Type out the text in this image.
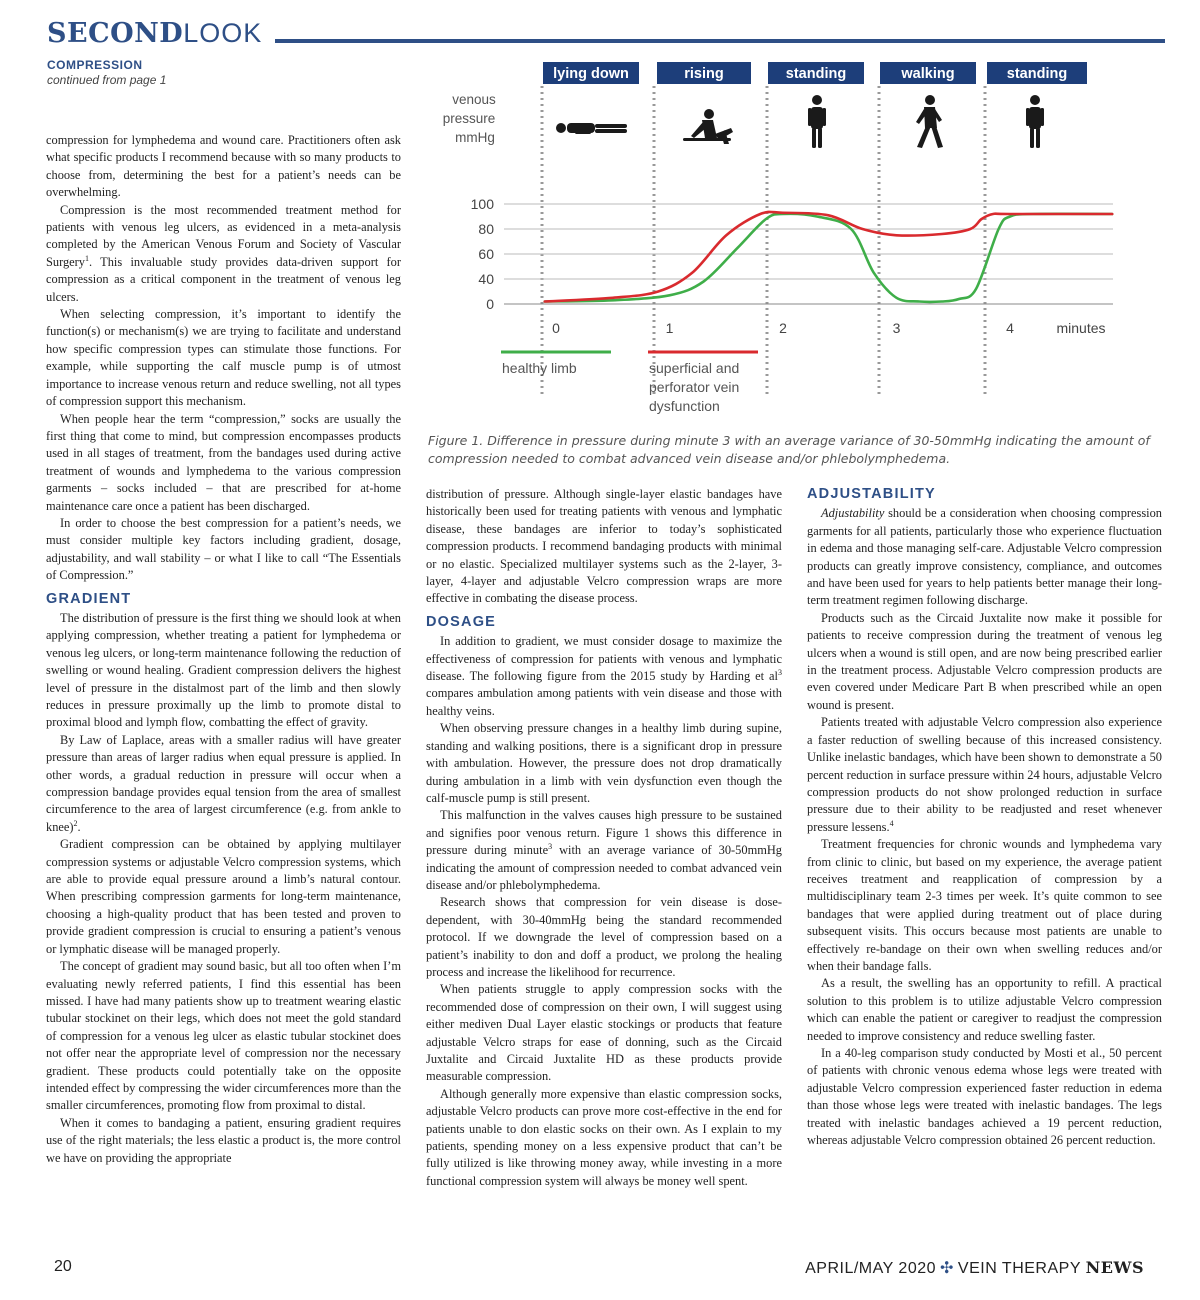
SECONDLOOK
COMPRESSION
continued from page 1

compression for lymphedema and wound care. Practitioners often ask what specific products I recommend because with so many products to choose from, determining the best for a patient’s needs can be overwhelming.

Compression is the most recommended treatment method for patients with venous leg ulcers, as evidenced in a meta-analysis completed by the American Venous Forum and Society of Vascular Surgery$^1$. This invaluable study provides data-driven support for compression as a critical component in the treatment of venous leg ulcers.

When selecting compression, it’s important to identify the function(s) or mechanism(s) we are trying to facilitate and understand how specific compression types can stimulate those functions. For example, while supporting the calf muscle pump is of utmost importance to increase venous return and reduce swelling, not all types of compression support this mechanism.

When people hear the term “compression,” socks are usually the first thing that come to mind, but compression encompasses products used in all stages of treatment, from the bandages used during active treatment of wounds and lymphedema to the various compression garments – socks included – that are prescribed for at-home maintenance care once a patient has been discharged.

In order to choose the best compression for a patient’s needs, we must consider multiple key factors including gradient, dosage, adjustability, and wall stability – or what I like to call “The Essentials of Compression.”

GRADIENT

The distribution of pressure is the first thing we should look at when applying compression, whether treating a patient for lymphedema or venous leg ulcers, or long-term maintenance following the reduction of swelling or wound healing. Gradient compression delivers the highest level of pressure in the distalmost part of the limb and then slowly reduces in pressure proximally up the limb to promote distal to proximal blood and lymph flow, combatting the effect of gravity.

By Law of Laplace, areas with a smaller radius will have greater pressure than areas of larger radius when equal pressure is applied. In other words, a gradual reduction in pressure will occur when a compression bandage provides equal tension from the area of smallest circumference to the area of largest circumference (e.g. from ankle to knee)$^2$.

Gradient compression can be obtained by applying multilayer compression systems or adjustable Velcro compression systems, which are able to provide equal pressure around a limb’s natural contour. When prescribing compression garments for long-term maintenance, choosing a high-quality product that has been tested and proven to provide gradient compression is crucial to ensuring a patient’s venous or lymphatic disease will be managed properly.

The concept of gradient may sound basic, but all too often when I’m evaluating newly referred patients, I find this essential has been missed. I have had many patients show up to treatment wearing elastic tubular stockinet on their legs, which does not meet the gold standard of compression for a venous leg ulcer as elastic tubular stockinet does not offer near the appropriate level of compression nor the necessary gradient. These products could potentially take on the opposite intended effect by compressing the wider circumferences more than the smaller circumferences, promoting flow from proximal to distal.

When it comes to bandaging a patient, ensuring gradient requires use of the right materials; the less elastic a product is, the more control we have on providing the appropriate

lying down	rising	standing	walking	standing
venous
pressure
mmHg
100
80
60
40
0
0	1	2	3	4	minutes
healthy limb	superficial and
perforator vein
dysfunction
Figure 1. Difference in pressure during minute 3 with an average variance of 30-50mmHg indicating the amount of compression needed to combat advanced vein disease and/or phlebolymphedema.

distribution of pressure. Although single-layer elastic bandages have historically been used for treating patients with venous and lymphatic disease, these bandages are inferior to today’s sophisticated compression products. I recommend bandaging products with minimal or no elastic. Specialized multilayer systems such as the 2-layer, 3-layer, 4-layer and adjustable Velcro compression wraps are more effective in combating the disease process.

DOSAGE

In addition to gradient, we must consider dosage to maximize the effectiveness of compression for patients with venous and lymphatic disease. The following figure from the 2015 study by Harding et $al^3$ compares ambulation among patients with vein disease and those with healthy veins.

When observing pressure changes in a healthy limb during supine, standing and walking positions, there is a significant drop in pressure with ambulation. However, the pressure does not drop dramatically during ambulation in a limb with vein dysfunction even though the calf-muscle pump is still present.

This malfunction in the valves causes high pressure to be sustained and signifies poor venous return. Figure 1 shows this difference in pressure during minute$^3$ with an average variance of 30-50mmHg indicating the amount of compression needed to combat advanced vein disease and/or phlebolymphedema.

Research shows that compression for vein disease is dose-dependent, with 30-40mmHg being the standard recommended protocol. If we downgrade the level of compression based on a patient’s inability to don and doff a product, we prolong the healing process and increase the likelihood for recurrence.

When patients struggle to apply compression socks with the recommended dose of compression on their own, I will suggest using either mediven Dual Layer elastic stockings or products that feature adjustable Velcro straps for ease of donning, such as the Circaid Juxtalite and Circaid Juxtalite HD as these products provide measurable compression.

Although generally more expensive than elastic compression socks, adjustable Velcro products can prove more cost-effective in the end for patients unable to don elastic socks on their own. As I explain to my patients, spending money on a less expensive product that can’t be fully utilized is like throwing money away, while investing in a more functional compression system will always be money well spent.

ADJUSTABILITY

Adjustability should be a consideration when choosing compression garments for all patients, particularly those who experience fluctuation in edema and those managing self-care. Adjustable Velcro compression products can greatly improve consistency, compliance, and outcomes and have been used for years to help patients better manage their long-term treatment regimen following discharge.

Products such as the Circaid Juxtalite now make it possible for patients to receive compression during the treatment of venous leg ulcers when a wound is still open, and are now being prescribed earlier in the treatment process. Adjustable Velcro compression products are even covered under Medicare Part B when prescribed while an open wound is present.

Patients treated with adjustable Velcro compression also experience a faster reduction of swelling because of this increased consistency. Unlike inelastic bandages, which have been shown to demonstrate a 50 percent reduction in surface pressure within 24 hours, adjustable Velcro compression products do not show prolonged reduction in surface pressure due to their ability to be readjusted and reset whenever pressure lessens.$^4$

Treatment frequencies for chronic wounds and lymphedema vary from clinic to clinic, but based on my experience, the average patient receives treatment and reapplication of compression by a multidisciplinary team 2-3 times per week. It’s quite common to see bandages that were applied during treatment out of place during subsequent visits. This occurs because most patients are unable to effectively re-bandage on their own when swelling reduces and/or when their bandage falls.

As a result, the swelling has an opportunity to refill. A practical solution to this problem is to utilize adjustable Velcro compression which can enable the patient or caregiver to readjust the compression needed to improve consistency and reduce swelling faster.

In a 40-leg comparison study conducted by Mosti et al., 50 percent of patients with chronic venous edema whose legs were treated with adjustable Velcro compression experienced faster reduction in edema than those whose legs were treated with inelastic bandages. The legs treated with inelastic bandages achieved a 19 percent reduction, whereas adjustable Velcro compression obtained 26 percent reduction.

20	APRIL/MAY 2020 ✣ VEIN THERAPY NEWS
